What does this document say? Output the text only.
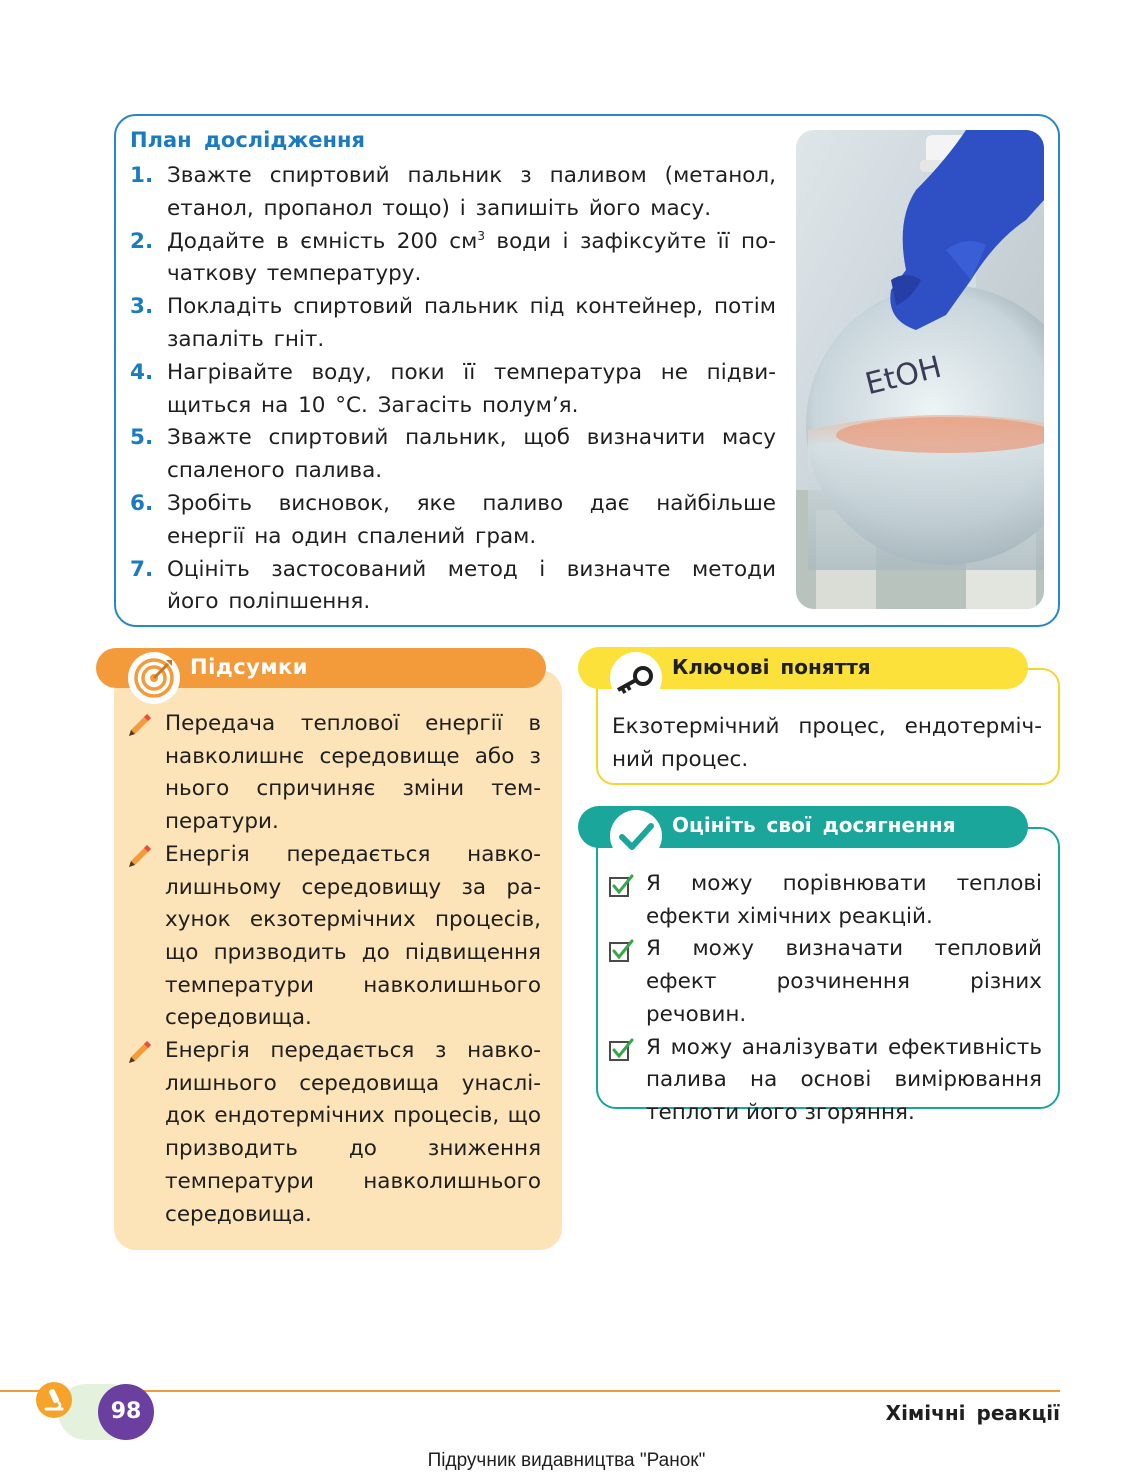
План дослідження
1. Зважте спиртовий пальник з паливом (метанол, етанол, пропанол тощо) і запишіть його масу.
2. Додайте в ємність 200 $см^3$ води і зафіксуйте її початкову температуру.
3. Покладіть спиртовий пальник під контейнер, потім запаліть гніт.
4. Нагрівайте воду, поки її температура не підвищиться на 10 °С. Загасіть полум’я.
5. Зважте спиртовий пальник, щоб визначити масу спаленого палива.
6. Зробіть висновок, яке паливо дає найбільше енергії на один спалений грам.
7. Оцініть застосований метод і визначте методи його поліпшення.
EtOH
Підсумки
Передача теплової енергії в навколишнє середовище або з нього спричиняє зміни температури.
Енергія передається навколишньому середовищу за рахунок екзотермічних процесів, що призводить до підвищення температури навколишнього середовища.
Енергія передається з навколишнього середовища унаслідок ендотермічних процесів, що призводить до зниження температури навколишнього середовища.
Ключові поняття
Екзотермічний процес, ендотермічний процес.
Оцініть свої досягнення
Я можу порівнювати теплові ефекти хімічних реакцій.
Я можу визначати тепловий ефект розчинення різних речовин.
Я можу аналізувати ефективність палива на основі вимірювання теплоти його згоряння.
98	Хімічні реакції
Підручник видавництва "Ранок"
